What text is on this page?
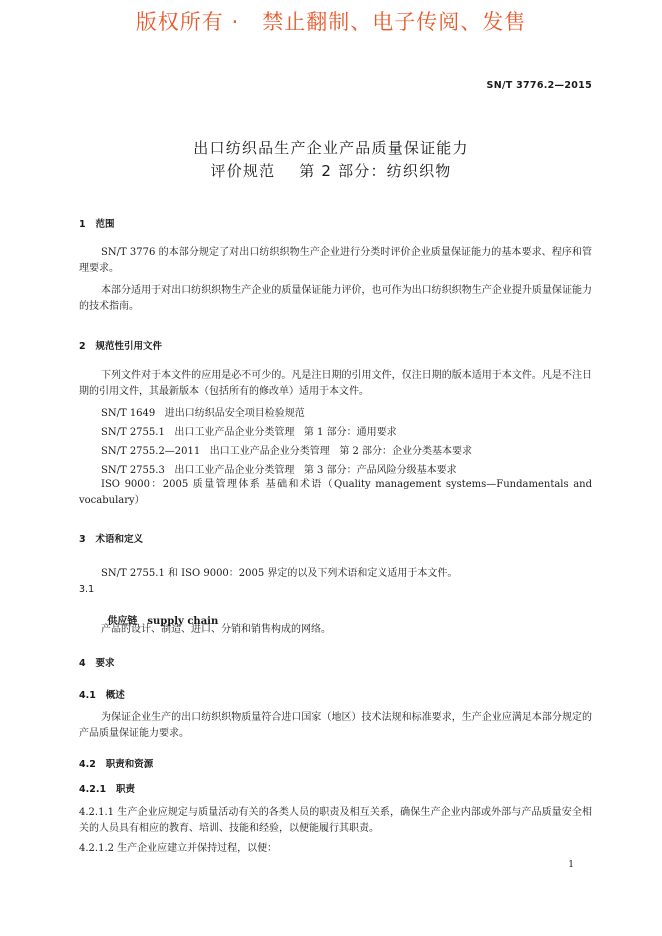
版权所有 ·   禁止翻制、电子传阅、发售
SN/T 3776.2—2015
出口纺织品生产企业产品质量保证能力
评价规范    第 2 部分：纺织织物
1   范围
SN/T 3776 的本部分规定了对出口纺织织物生产企业进行分类时评价企业质量保证能力的基本要求、程序和管理要求。
本部分适用于对出口纺织织物生产企业的质量保证能力评价，也可作为出口纺织织物生产企业提升质量保证能力的技术指南。
2   规范性引用文件
下列文件对于本文件的应用是必不可少的。凡是注日期的引用文件，仅注日期的版本适用于本文件。凡是不注日期的引用文件，其最新版本（包括所有的修改单）适用于本文件。
SN/T 1649   进出口纺织品安全项目检验规范
SN/T 2755.1   出口工业产品企业分类管理   第 1 部分：通用要求
SN/T 2755.2—2011   出口工业产品企业分类管理   第 2 部分：企业分类基本要求
SN/T 2755.3   出口工业产品企业分类管理   第 3 部分：产品风险分级基本要求
ISO 9000：2005 质量管理体系 基础和术语（Quality management systems—Fundamentals and vocabulary）
3   术语和定义
SN/T 2755.1 和 ISO 9000：2005 界定的以及下列术语和定义适用于本文件。
3.1

供应链 supply chain

产品的设计、制造、进口、分销和销售构成的网络。
4   要求
4.1   概述
为保证企业生产的出口纺织织物质量符合进口国家（地区）技术法规和标准要求，生产企业应满足本部分规定的产品质量保证能力要求。
4.2   职责和资源
4.2.1   职责
4.2.1.1 生产企业应规定与质量活动有关的各类人员的职责及相互关系，确保生产企业内部或外部与产品质量安全相关的人员具有相应的教育、培训、技能和经验，以便能履行其职责。
4.2.1.2 生产企业应建立并保持过程，以便：
1
